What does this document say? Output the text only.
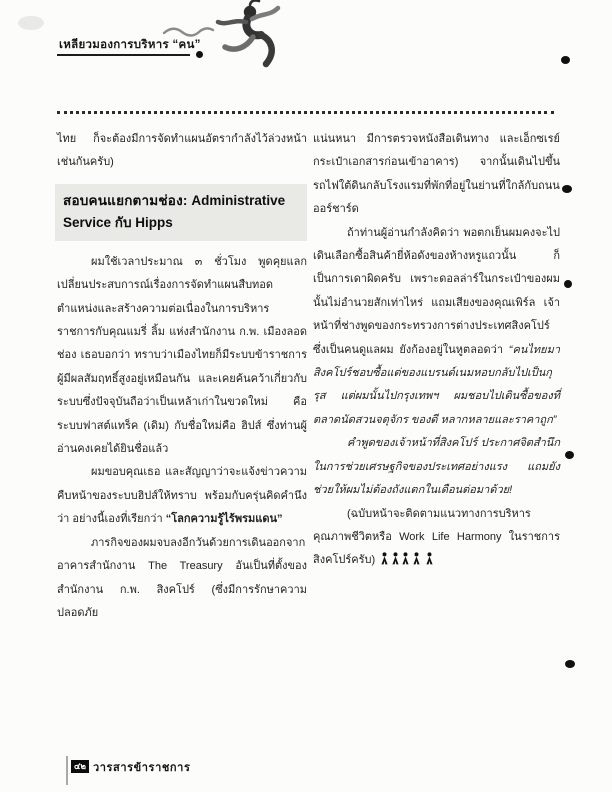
เหลียวมองการบริหาร “คน”

ไทย ก็จะต้องมีการจัดทำแผนอัตรากำลังไว้ล่วงหน้า เช่นกันครับ)

สอบคนแยกตามช่อง: Administrative Service กับ Hipps

ผมใช้เวลาประมาณ ๓ ชั่วโมง พูดคุยแลกเปลี่ยนประสบการณ์เรื่องการจัดทำแผนสืบทอดตำแหน่งและสร้างความต่อเนื่องในการบริหารราชการกับคุณแมรี่ ลิ้ม แห่งสำนักงาน ก.พ. เมืองลอดช่อง เธอบอกว่า ทราบว่าเมืองไทยก็มีระบบข้าราชการผู้มีผลสัมฤทธิ์สูงอยู่เหมือนกัน และเคยค้นคว้าเกี่ยวกับระบบซึ่งปัจจุบันถือว่าเป็นเหล้าเก่าในขวดใหม่ คือ ระบบฟาสต์แทร็ค (เดิม) กับชื่อใหม่คือ ฮิปส์ ซึ่งท่านผู้อ่านคงเคยได้ยินชื่อแล้ว

ผมขอบคุณเธอ และสัญญาว่าจะแจ้งข่าวความคืบหน้าของระบบฮิปส์ให้ทราบ พร้อมกับครุ่นคิดคำนึงว่า อย่างนี้เองที่เรียกว่า “โลกความรู้ไร้พรมแดน”

ภารกิจของผมจบลงอีกวันด้วยการเดินออกจากอาคารสำนักงาน The Treasury อันเป็นที่ตั้งของสำนักงาน ก.พ. สิงคโปร์ (ซึ่งมีการรักษาความปลอดภัย

แน่นหนา มีการตรวจหนังสือเดินทาง และเอ็กซเรย์กระเป๋าเอกสารก่อนเข้าอาคาร) จากนั้นเดินไปขึ้นรถไฟใต้ดินกลับโรงแรมที่พักที่อยู่ในย่านที่ใกล้กับถนนออร์ชาร์ด

ถ้าท่านผู้อ่านกำลังคิดว่า พอตกเย็นผมคงจะไปเดินเลือกซื้อสินค้ายี่ห้อดังของห้างหรูแถวนั้น ก็เป็นการเดาผิดครับ เพราะดอลล่าร์ในกระเป๋าของผมนั้นไม่อำนวยสักเท่าไหร่ แถมเสียงของคุณเพิร์ล เจ้าหน้าที่ช่างพูดของกระทรวงการต่างประเทศสิงคโปร์ ซึ่งเป็นคนดูแลผม ยังก้องอยู่ในหูตลอดว่า “คนไทยมาสิงคโปร์ชอบซื้อแต่ของแบรนด์เนมหอบกลับไปเป็นกุรุส แต่ผมนั้นไปกรุงเทพฯ ผมชอบไปเดินซื้อของที่ตลาดนัดสวนจตุจักร ของดี หลากหลายและราคาถูก”

คำพูดของเจ้าหน้าที่สิงคโปร์ ประกาศจิตสำนึกในการช่วยเศรษฐกิจของประเทศอย่างแรง แถมยังช่วยให้ผมไม่ต้องถังแตกในเดือนต่อมาด้วย!

(ฉบับหน้าจะติดตามแนวทางการบริหารคุณภาพชีวิตหรือ Work Life Harmony ในราชการสิงคโปร์ครับ)

๔๒ วารสารข้าราชการ
